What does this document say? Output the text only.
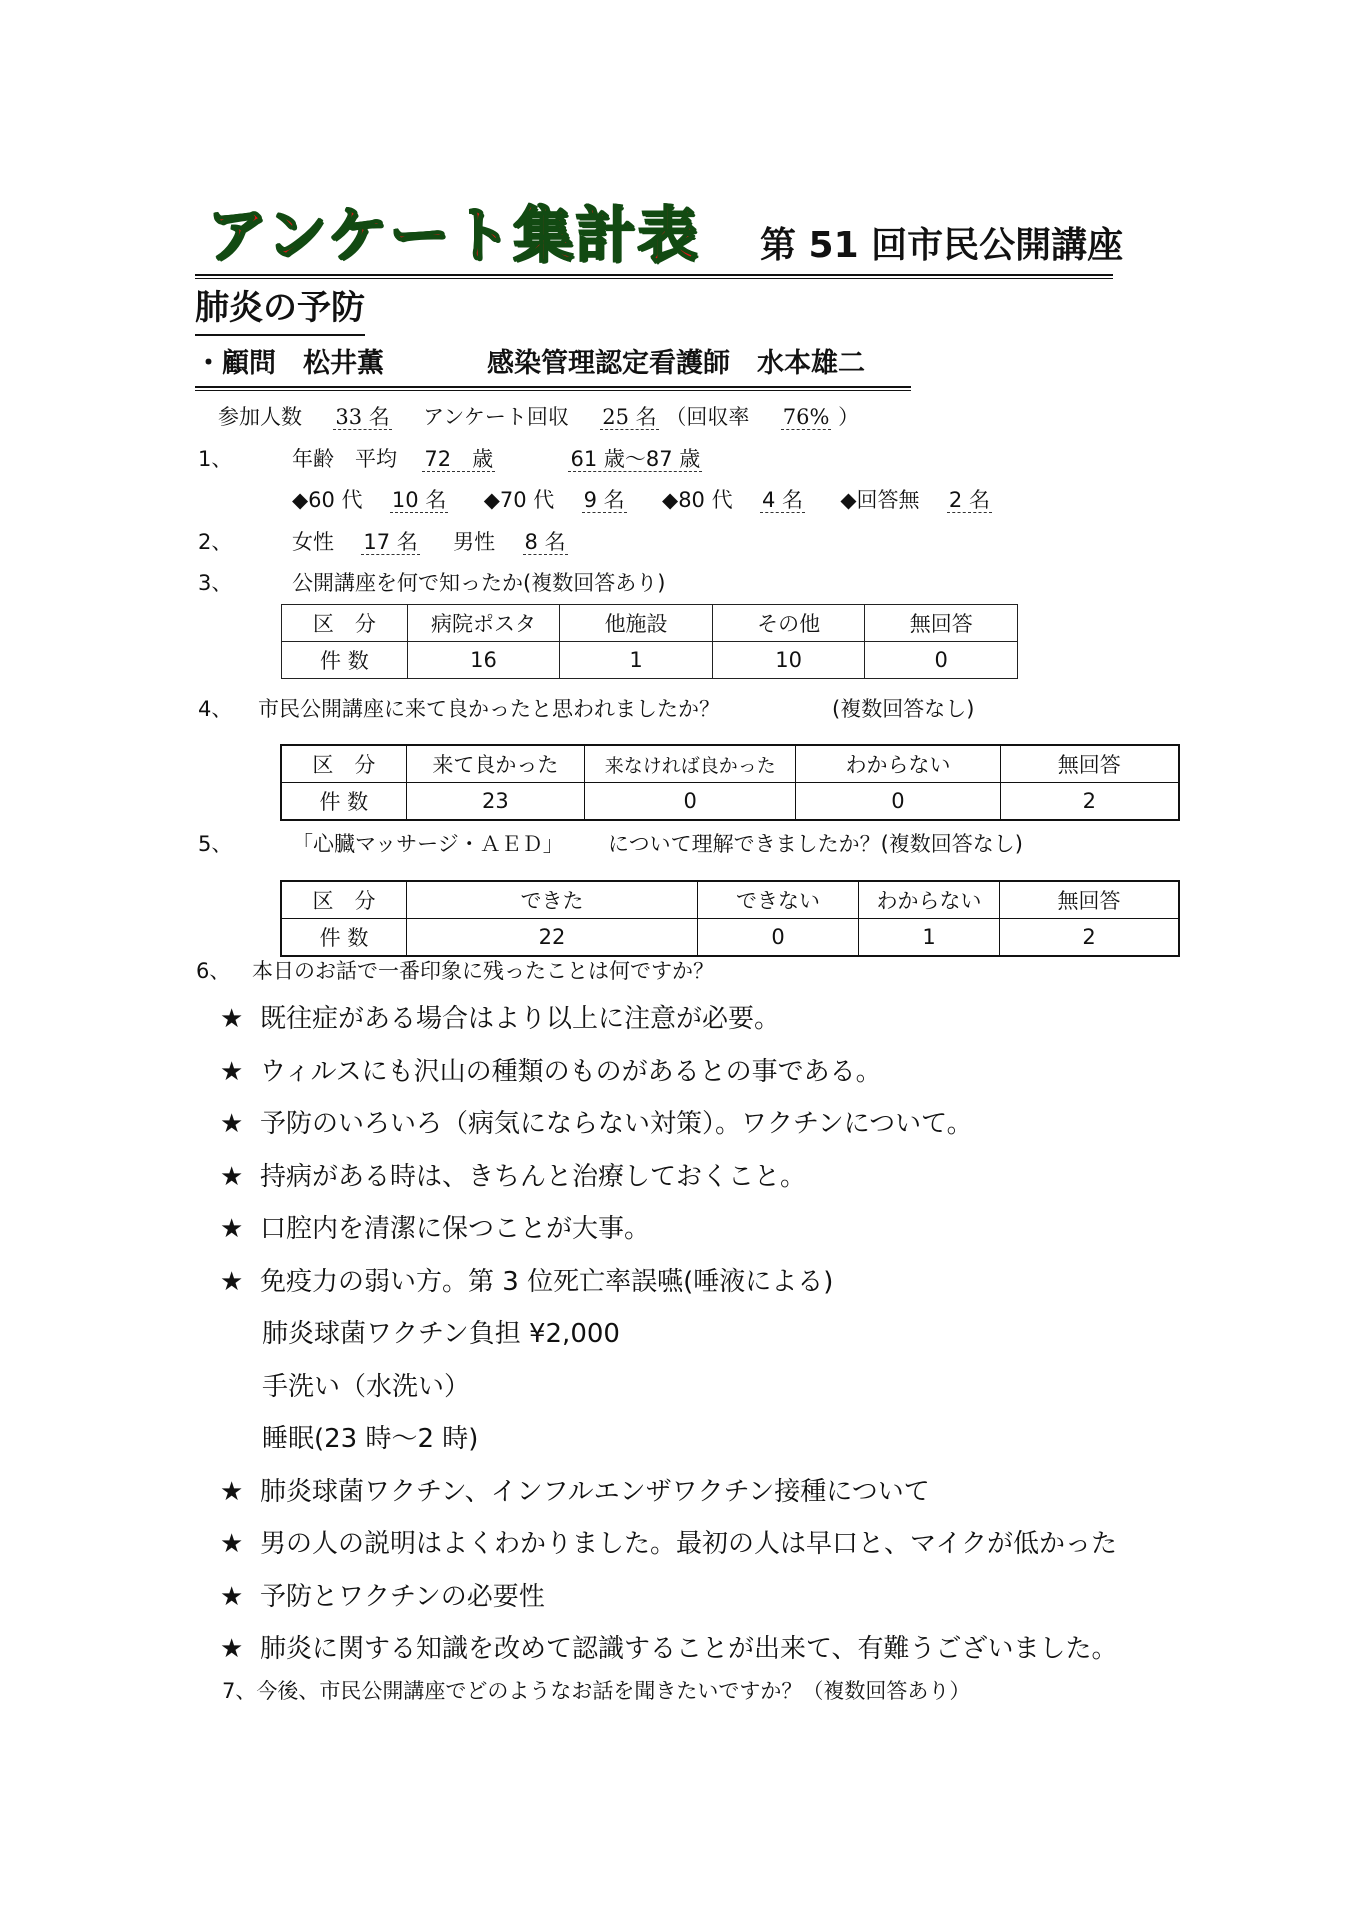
アンケート集計表 第 51 回市民公開講座
肺炎の予防
・顧問　松井薫	感染管理認定看護師　水本雄二
参加人数 33 名 アンケート回収 25 名 （回収率 76% ）
1、	年齢　平均 72　歳	61 歳～87 歳
◆60 代 10 名 ◆70 代 9 名 ◆80 代 4 名 ◆回答無 2 名
2、	女性 17 名 男性 8 名
3、	公開講座を何で知ったか(複数回答あり)
区　分	病院ポスタ	他施設	その他	無回答
件 数	16	1	10	0
4、 市民公開講座に来て良かったと思われましたか？	(複数回答なし)
区　分	来て良かった	来なければ良かった	わからない	無回答
件 数	23	0	0	2
5、	「心臓マッサージ・ＡＥＤ」 について理解できましたか？(複数回答なし)
区　分	できた	できない	わからない	無回答
件 数	22	0	1	2
6、 本日のお話で一番印象に残ったことは何ですか？
★ 既往症がある場合はより以上に注意が必要。
★ ウィルスにも沢山の種類のものがあるとの事である。
★ 予防のいろいろ（病気にならない対策）。ワクチンについて。
★ 持病がある時は、きちんと治療しておくこと。
★ 口腔内を清潔に保つことが大事。
★ 免疫力の弱い方。第 3 位死亡率誤嚥(唾液による)
肺炎球菌ワクチン負担 ¥2,000
手洗い（水洗い）
睡眠(23 時～2 時)
★ 肺炎球菌ワクチン、インフルエンザワクチン接種について
★ 男の人の説明はよくわかりました。最初の人は早口と、マイクが低かった
★ 予防とワクチンの必要性
★ 肺炎に関する知識を改めて認識することが出来て、有難うございました。
7、今後、市民公開講座でどのようなお話を聞きたいですか？（複数回答あり）
